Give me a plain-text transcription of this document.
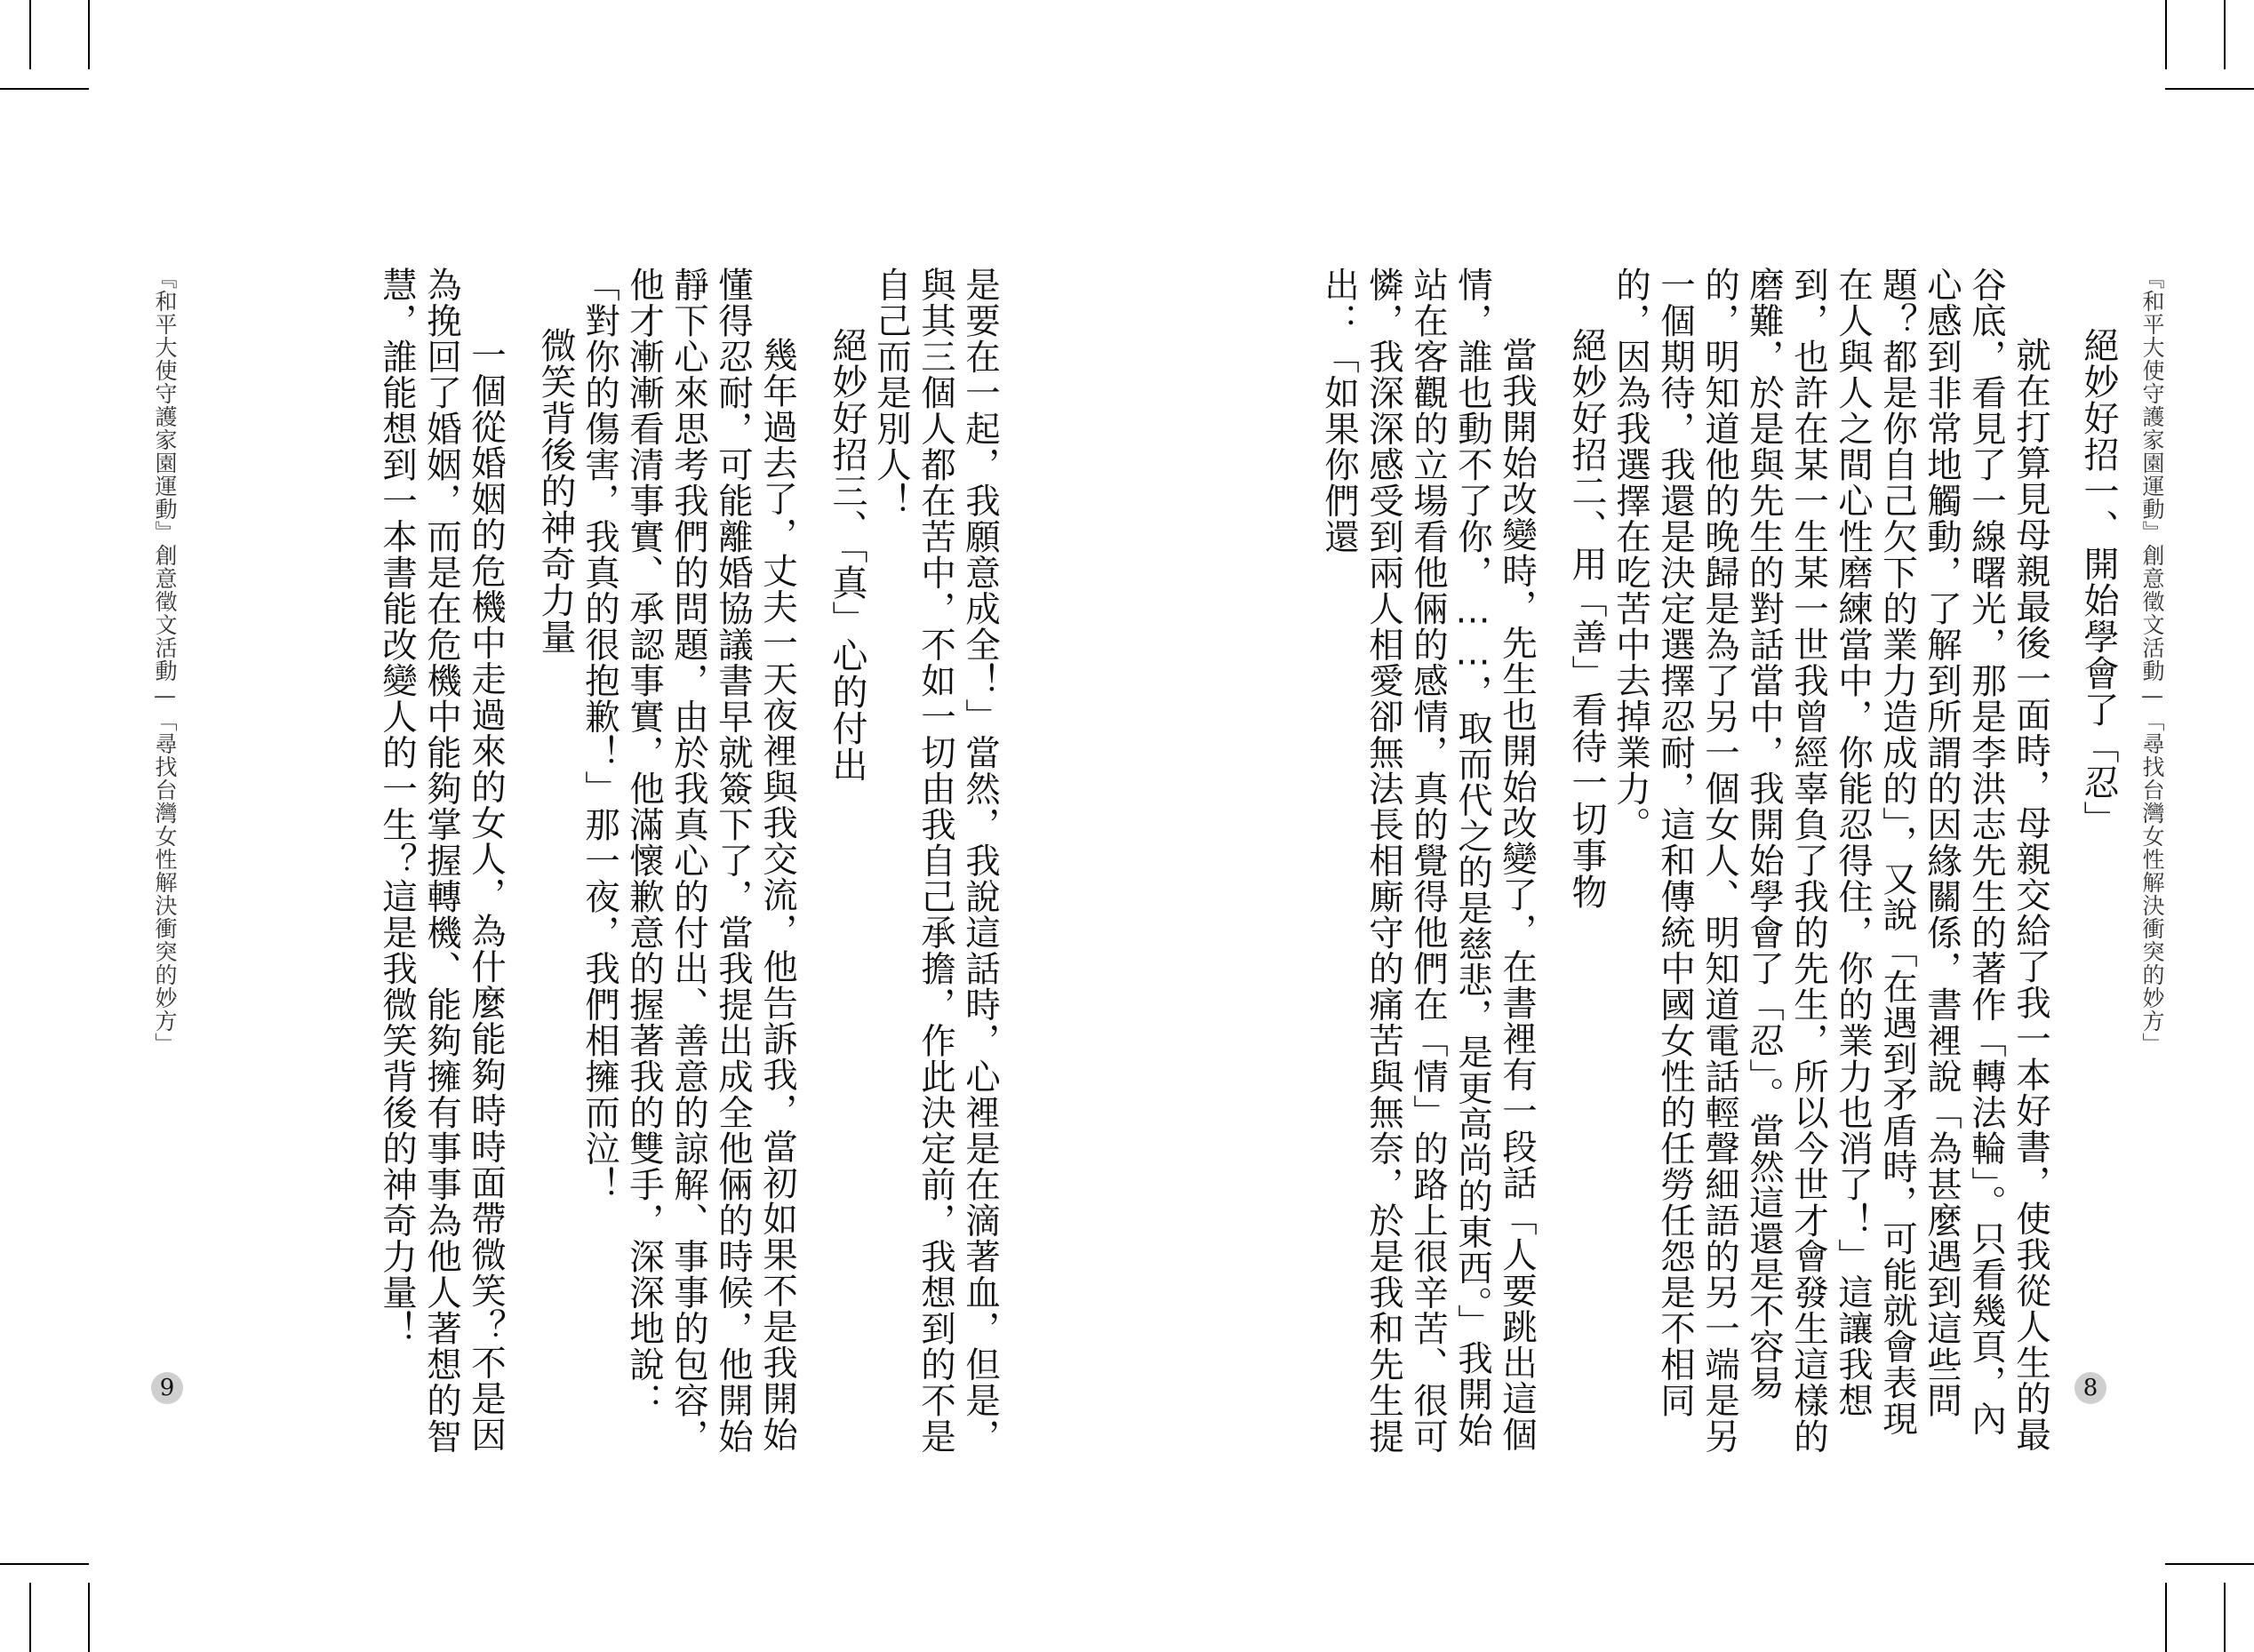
『和平大使守護家園運動』創意徵文活動—「尋找台灣女性解決衝突的妙方」
8

絕妙好招一、開始學會了「忍」

就在打算見母親最後一面時，母親交給了我一本好書，使我從人生的最谷底，看見了一線曙光，那是李洪志先生的著作「轉法輪」。只看幾頁，內心感到非常地觸動，了解到所謂的因緣關係，書裡說「為甚麼遇到這些問題？都是你自己欠下的業力造成的」，又說「在遇到矛盾時，可能就會表現在人與人之間心性磨練當中，你能忍得住，你的業力也消了！」這讓我想到，也許在某一生某一世我曾經辜負了我的先生，所以今世才會發生這樣的磨難，於是與先生的對話當中，我開始學會了「忍」。當然這還是不容易的，明知道他的晚歸是為了另一個女人、明知道電話輕聲細語的另一端是另一個期待，我還是決定選擇忍耐，這和傳統中國女性的任勞任怨是不相同的，因為我選擇在吃苦中去掉業力。

絕妙好招二、用「善」看待一切事物

當我開始改變時，先生也開始改變了，在書裡有一段話「人要跳出這個情，誰也動不了你，……，取而代之的是慈悲，是更高尚的東西。」我開始站在客觀的立場看他倆的感情，真的覺得他們在「情」的路上很辛苦、很可憐，我深深感受到兩人相愛卻無法長相廝守的痛苦與無奈，於是我和先生提出：「如果你們還

『和平大使守護家園運動』創意徵文活動—「尋找台灣女性解決衝突的妙方」
9	是要在一起，我願意成全！」當然，我說這話時，心裡是在滴著血，但是，與其三個人都在苦中，不如一切由我自己承擔，作此決定前，我想到的不是自己而是別人！

絕妙好招三、「真」心的付出

幾年過去了，丈夫一天夜裡與我交流，他告訴我，當初如果不是我開始懂得忍耐，可能離婚協議書早就簽下了，當我提出成全他倆的時候，他開始靜下心來思考我們的問題，由於我真心的付出、善意的諒解、事事的包容，他才漸漸看清事實、承認事實，他滿懷歉意的握著我的雙手，深深地說：「對你的傷害，我真的很抱歉！」那一夜，我們相擁而泣！

微笑背後的神奇力量

一個從婚姻的危機中走過來的女人，為什麼能夠時時面帶微笑？不是因為挽回了婚姻，而是在危機中能夠掌握轉機、能夠擁有事事為他人著想的智慧，誰能想到一本書能改變人的一生？這是我微笑背後的神奇力量！
